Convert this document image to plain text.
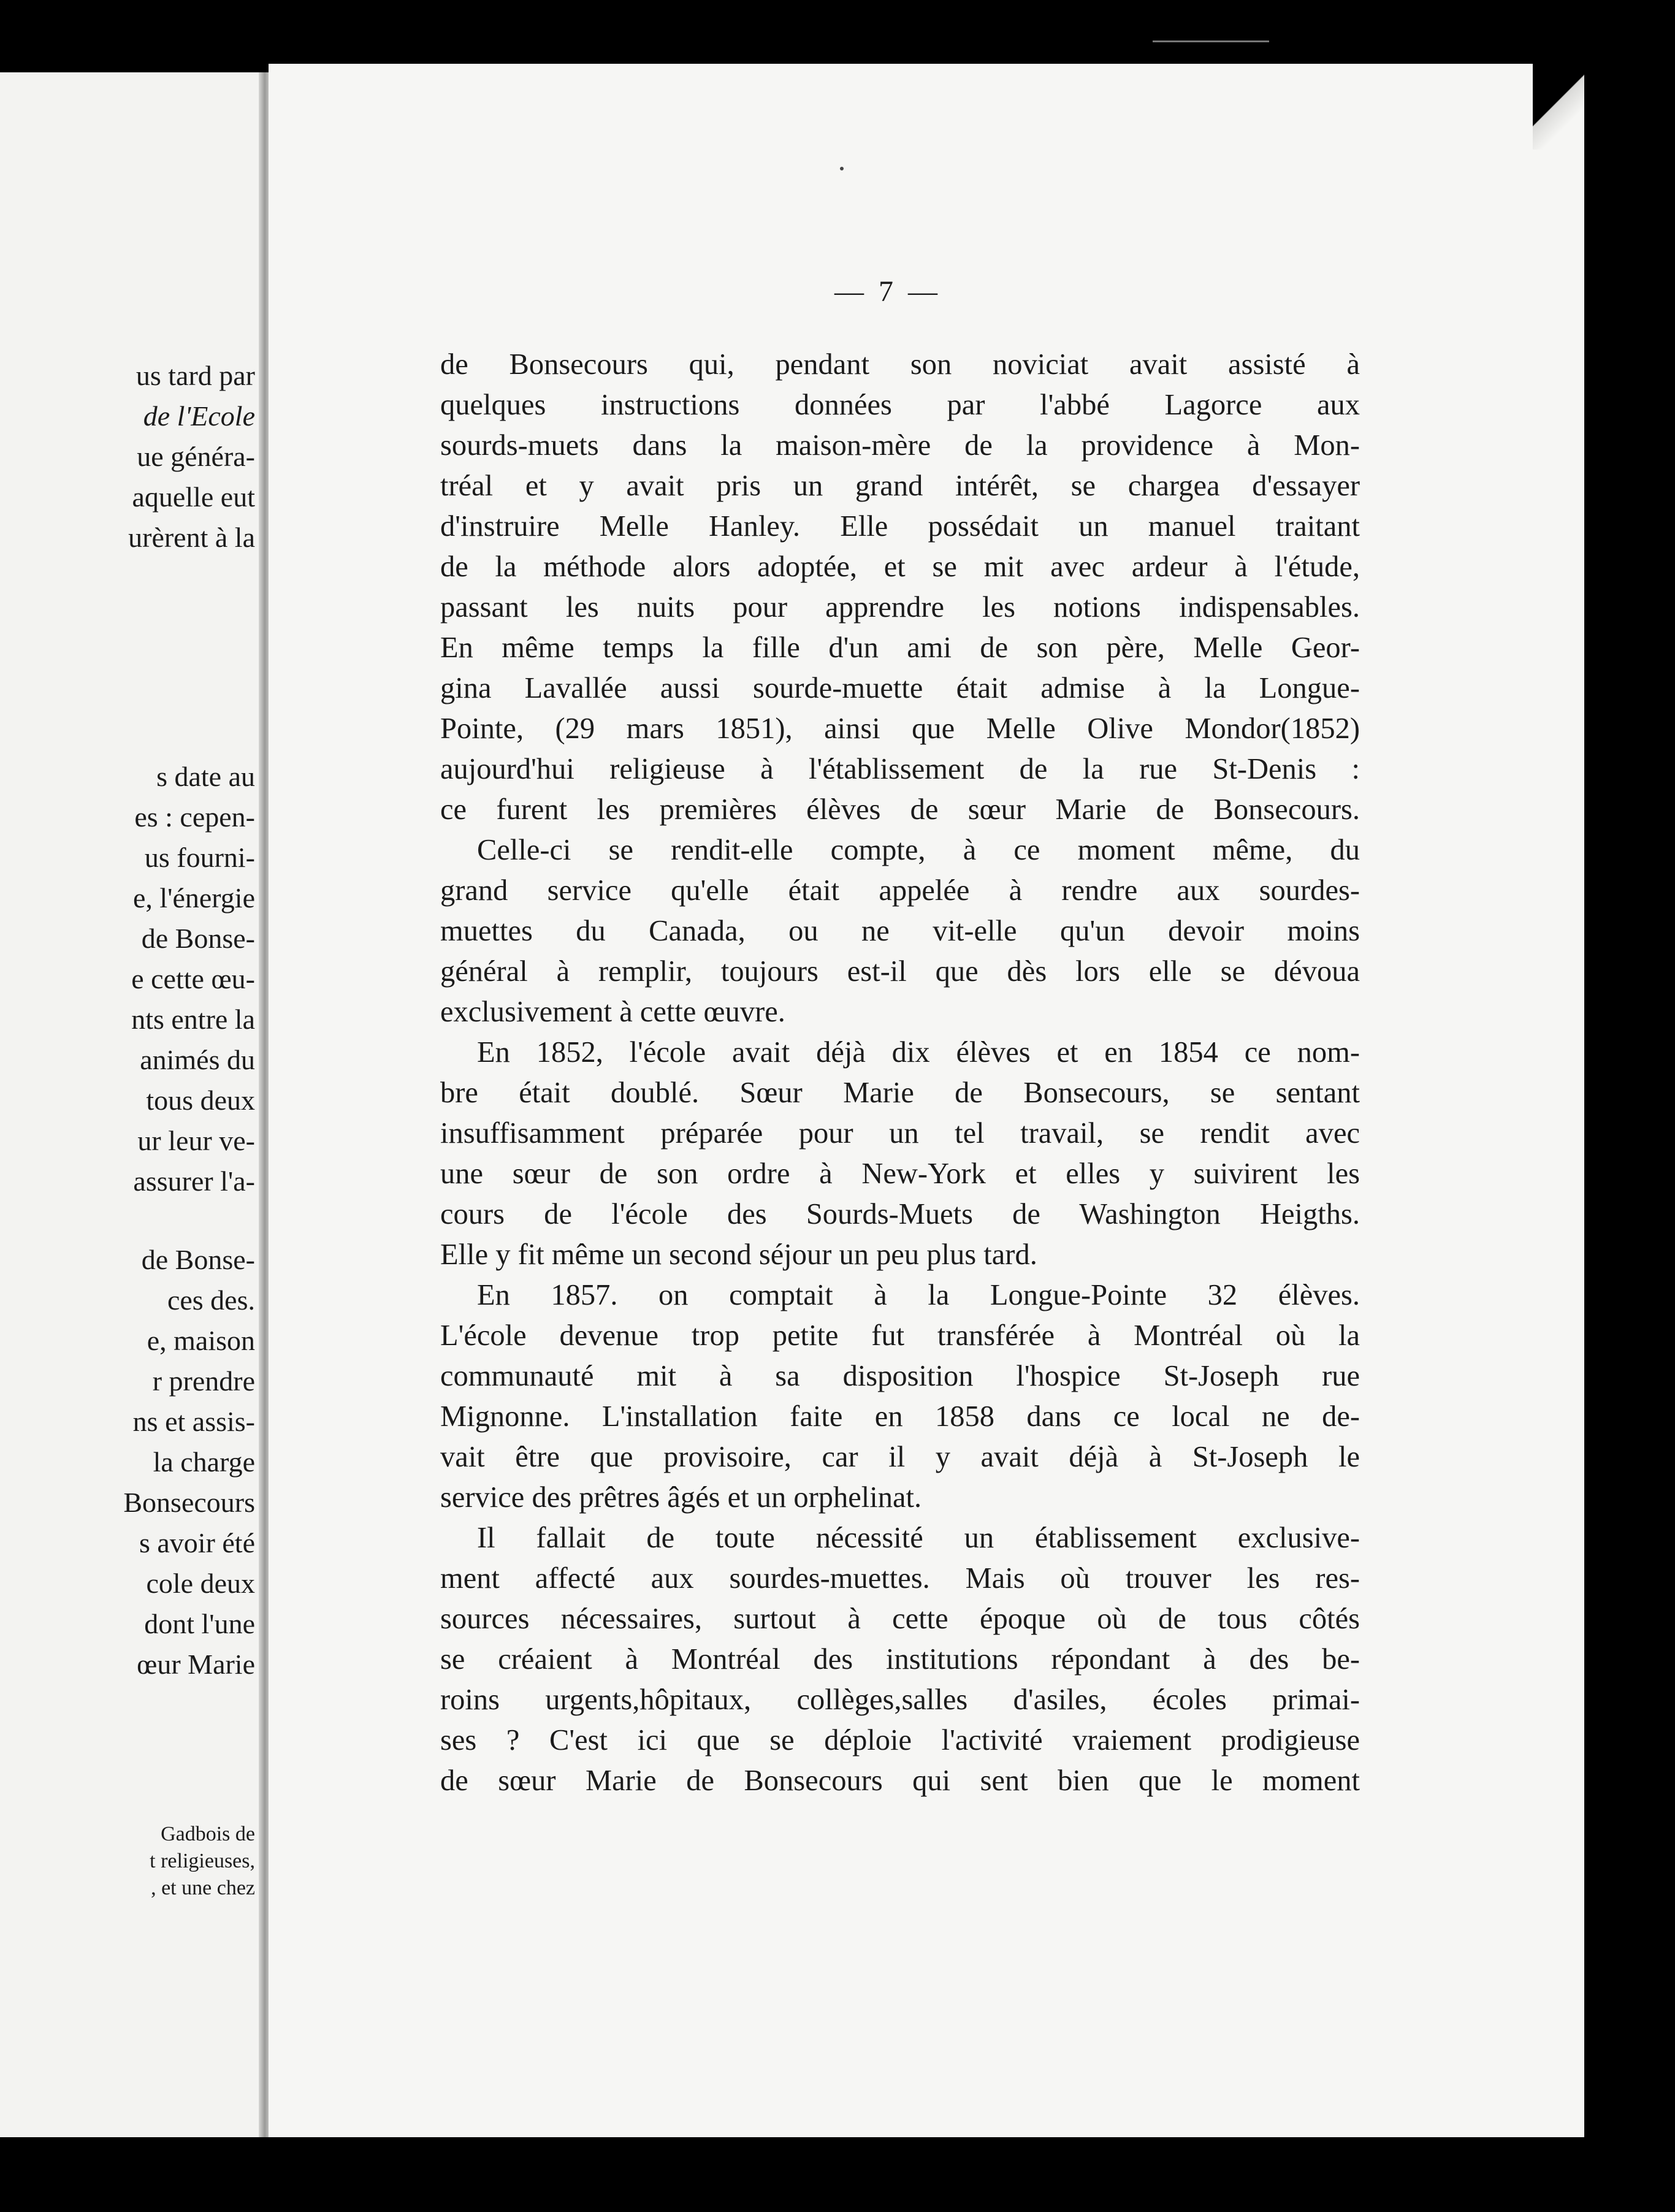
us tard par
de l'Ecole
ue généra-
aquelle eut
urèrent à la
s date au
es : cepen-
us fourni-
e, l'énergie
de Bonse-
e cette œu-
nts entre la
animés du
tous deux
ur leur ve-
assurer l'a-
de Bonse-
ces des.
e, maison
r prendre
ns et assis-
la charge
Bonsecours
s avoir été
cole deux
dont l'une
œur Marie
Gadbois de
t religieuses,
, et une chez
— 7 —
de Bonsecours qui, pendant son noviciat avait assisté à
quelques instructions données par l'abbé Lagorce aux
sourds-muets dans la maison-mère de la providence à Mon-
tréal et y avait pris un grand intérêt, se chargea d'essayer
d'instruire Melle Hanley. Elle possédait un manuel traitant
de la méthode alors adoptée, et se mit avec ardeur à l'étude,
passant les nuits pour apprendre les notions indispensables.
En même temps la fille d'un ami de son père, Melle Geor-
gina Lavallée aussi sourde-muette était admise à la Longue-
Pointe, (29 mars 1851), ainsi que Melle Olive Mondor(1852)
aujourd'hui religieuse à l'établissement de la rue St-Denis :
ce furent les premières élèves de sœur Marie de Bonsecours.
Celle-ci se rendit-elle compte, à ce moment même, du
grand service qu'elle était appelée à rendre aux sourdes-
muettes du Canada, ou ne vit-elle qu'un devoir moins
général à remplir, toujours est-il que dès lors elle se dévoua
exclusivement à cette œuvre.
En 1852, l'école avait déjà dix élèves et en 1854 ce nom-
bre était doublé. Sœur Marie de Bonsecours, se sentant
insuffisamment préparée pour un tel travail, se rendit avec
une sœur de son ordre à New-York et elles y suivirent les
cours de l'école des Sourds-Muets de Washington Heigths.
Elle y fit même un second séjour un peu plus tard.
En 1857. on comptait à la Longue-Pointe 32 élèves.
L'école devenue trop petite fut transférée à Montréal où la
communauté mit à sa disposition l'hospice St-Joseph rue
Mignonne. L'installation faite en 1858 dans ce local ne de-
vait être que provisoire, car il y avait déjà à St-Joseph le
service des prêtres âgés et un orphelinat.
Il fallait de toute nécessité un établissement exclusive-
ment affecté aux sourdes-muettes. Mais où trouver les res-
sources nécessaires, surtout à cette époque où de tous côtés
se créaient à Montréal des institutions répondant à des be-
roins urgents,hôpitaux, collèges,salles d'asiles, écoles primai-
ses ? C'est ici que se déploie l'activité vraiement prodigieuse
de sœur Marie de Bonsecours qui sent bien que le moment
